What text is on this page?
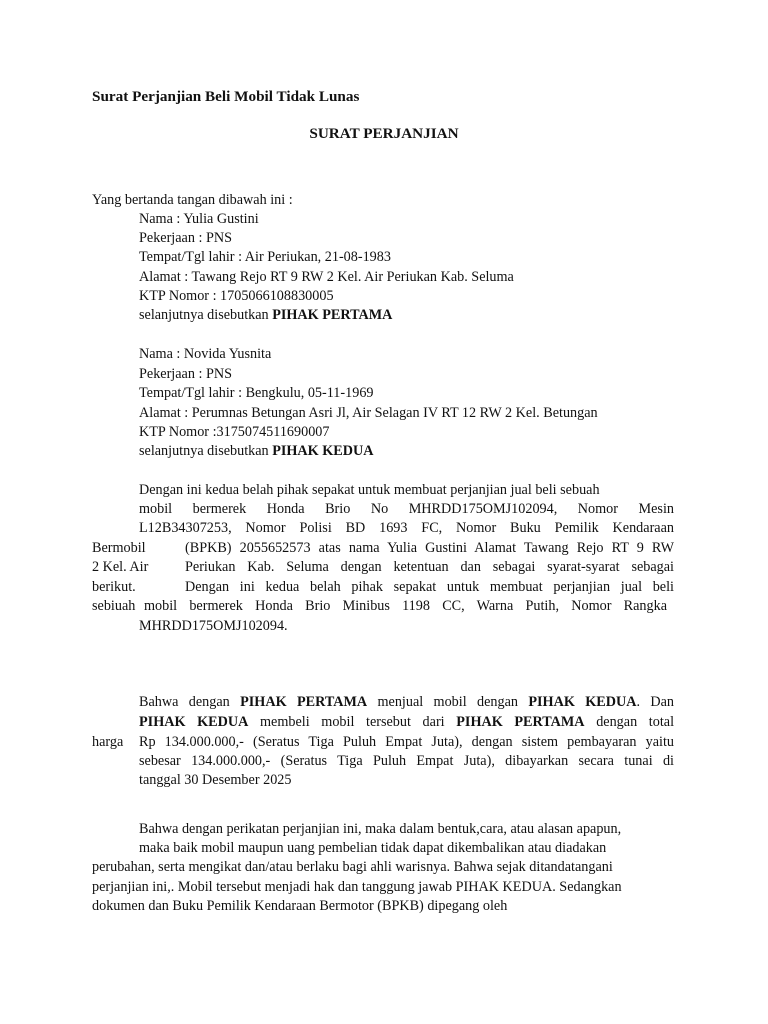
Surat Perjanjian Beli Mobil Tidak Lunas
SURAT PERJANJIAN
Yang bertanda tangan dibawah ini :
Nama : Yulia Gustini
Pekerjaan : PNS
Tempat/Tgl lahir : Air Periukan, 21-08-1983
Alamat : Tawang Rejo RT 9 RW 2 Kel. Air Periukan Kab. Seluma
KTP Nomor : 1705066108830005
selanjutnya disebutkan PIHAK PERTAMA
Nama : Novida Yusnita
Pekerjaan : PNS
Tempat/Tgl lahir : Bengkulu, 05-11-1969
Alamat : Perumnas Betungan Asri Jl, Air Selagan IV RT 12 RW 2 Kel. Betungan
KTP Nomor :3175074511690007
selanjutnya disebutkan PIHAK KEDUA
Dengan ini kedua belah pihak sepakat untuk membuat perjanjian jual beli sebuah
mobil bermerek Honda Brio No MHRDD175OMJ102094, Nomor Mesin
L12B34307253, Nomor Polisi BD 1693 FC, Nomor Buku Pemilik Kendaraan
Bermobil	(BPKB) 2055652573 atas nama Yulia Gustini Alamat Tawang Rejo RT 9 RW
2 Kel. Air	Periukan Kab. Seluma dengan ketentuan dan sebagai syarat-syarat sebagai
berikut.	Dengan ini kedua belah pihak sepakat untuk membuat perjanjian jual beli
sebiuah mobil bermerek Honda Brio Minibus 1198 CC, Warna Putih, Nomor Rangka
MHRDD175OMJ102094.
Bahwa dengan PIHAK PERTAMA menjual mobil dengan PIHAK KEDUA. Dan
PIHAK KEDUA membeli mobil tersebut dari PIHAK PERTAMA dengan total
harga Rp 134.000.000,- (Seratus Tiga Puluh Empat Juta), dengan sistem pembayaran yaitu
sebesar 134.000.000,- (Seratus Tiga Puluh Empat Juta), dibayarkan secara tunai di
tanggal 30 Desember 2025
Bahwa dengan perikatan perjanjian ini, maka dalam bentuk,cara, atau alasan apapun,
maka baik mobil maupun uang pembelian tidak dapat dikembalikan atau diadakan
perubahan, serta mengikat dan/atau berlaku bagi ahli warisnya. Bahwa sejak ditandatangani
perjanjian ini,. Mobil tersebut menjadi hak dan tanggung jawab PIHAK KEDUA. Sedangkan
dokumen dan Buku Pemilik Kendaraan Bermotor (BPKB) dipegang oleh
